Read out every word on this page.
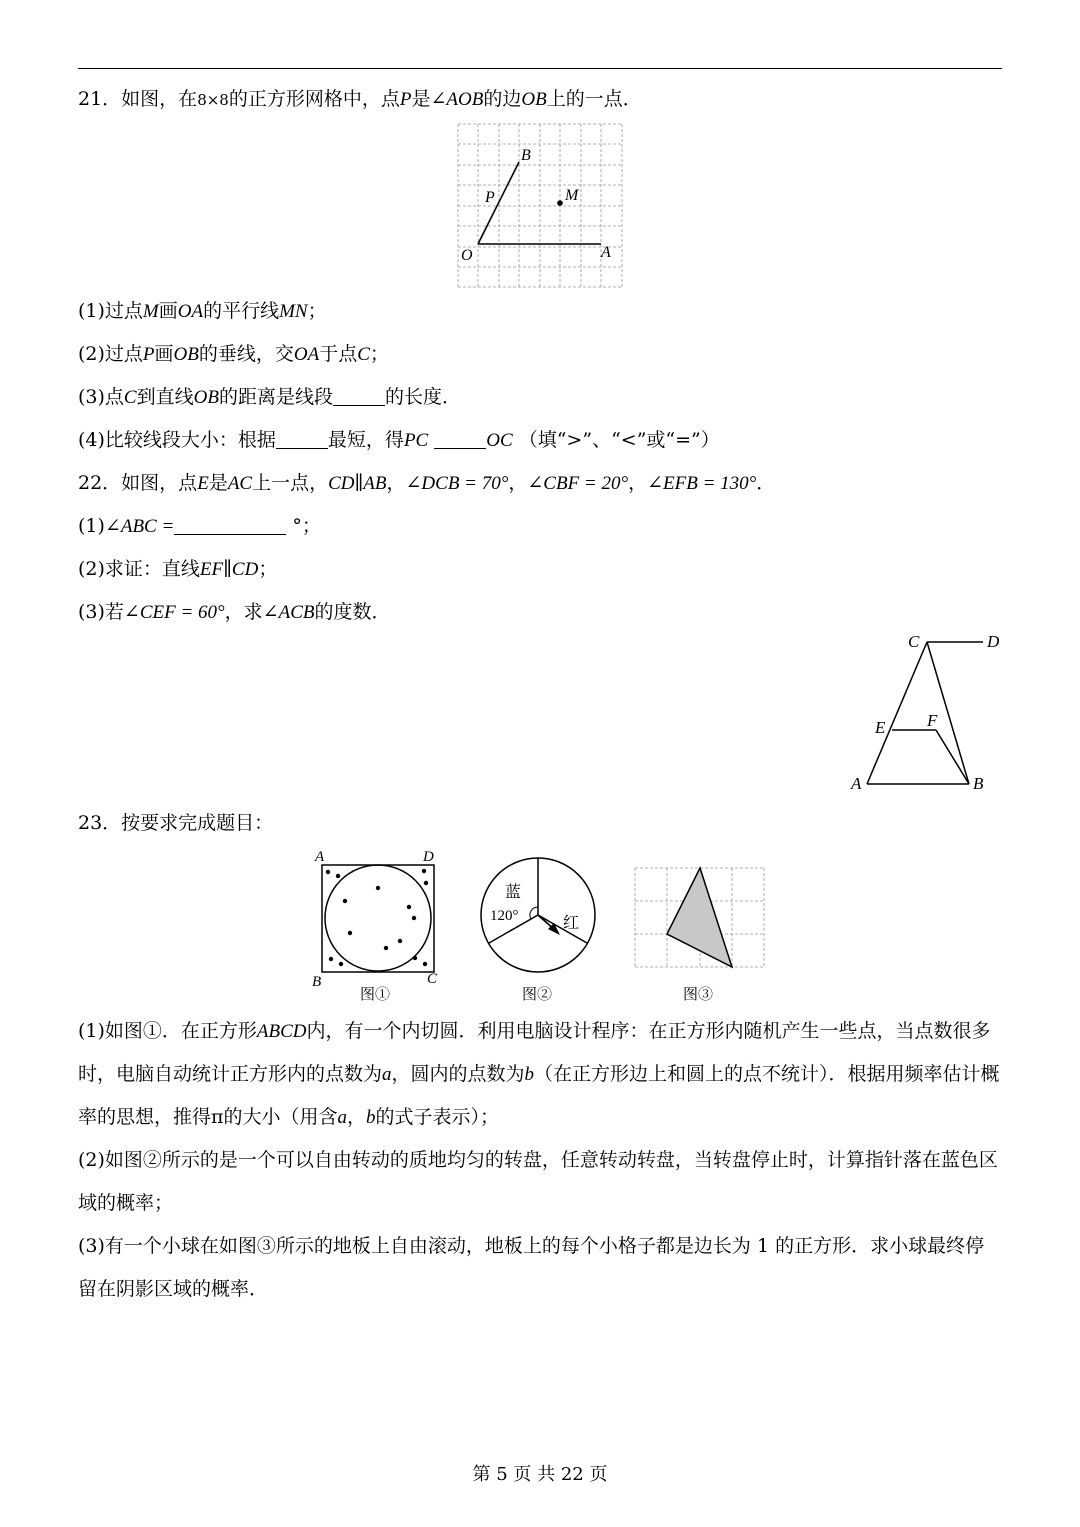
21．如图，在8×8的正方形网格中，点P是∠AOB的边OB上的一点．
B
P	M
O	A
(1)过点M画OA的平行线MN；
(2)过点P画OB的垂线，交OA于点C；
(3)点C到直线OB的距离是线段	的长度．
(4)比较线段大小：根据	最短，得PC	OC （填“>”、“<”或“=”）
22．如图，点E是AC上一点，CD∥AB，∠DCB = 70°，∠CBF = 20°，∠EFB = 130°．
(1)∠ABC =	°；
(2)求证：直线EF∥CD；
(3)若∠CEF = 60°，求∠ACB的度数．
C	D
E F
A	B
23．按要求完成题目：
A	D
B	C
图①
蓝
120°	红
图②	图③
(1)如图①．在正方形ABCD内，有一个内切圆．利用电脑设计程序：在正方形内随机产生一些点，当点数很多时，电脑自动统计正方形内的点数为a，圆内的点数为b（在正方形边上和圆上的点不统计）．根据用频率估计概率的思想，推得π的大小（用含a，b的式子表示）；
(2)如图②所示的是一个可以自由转动的质地均匀的转盘，任意转动转盘，当转盘停止时，计算指针落在蓝色区域的概率；
(3)有一个小球在如图③所示的地板上自由滚动，地板上的每个小格子都是边长为 1 的正方形．求小球最终停留在阴影区域的概率．
第 5 页 共 22 页
